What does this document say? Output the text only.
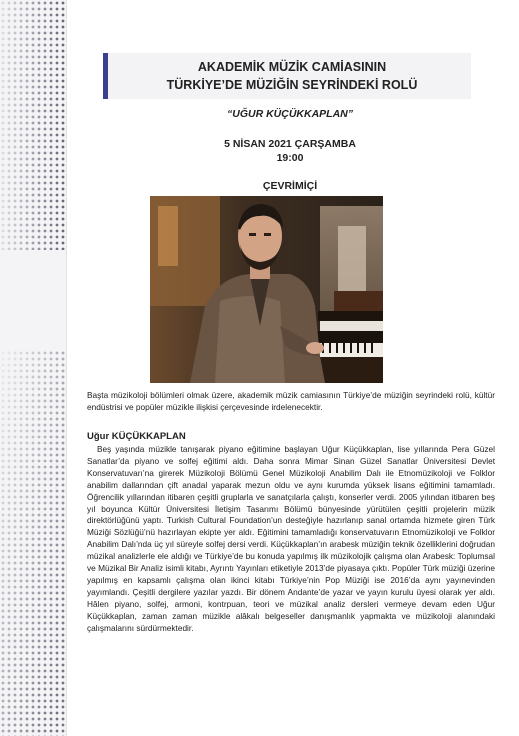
AKADEMİK MÜZİK CAMİASININ
TÜRKİYE’DE MÜZİĞİN SEYRİNDEKİ ROLÜ
“UĞUR KÜÇÜKKAPLAN”
5 NİSAN 2021 ÇARŞAMBA
19:00
ÇEVRİMİÇİ
Başta müzikoloji bölümleri olmak üzere, akademik müzik camiasının Türkiye’de müziğin seyrindeki rolü, kültür endüstrisi ve popüler müzikle ilişkisi çerçevesinde irdelenecektir.
Uğur KÜÇÜKKAPLAN
Beş yaşında müzikle tanışarak piyano eğitimine başlayan Uğur Küçükkaplan, lise yıllarında Pera Güzel Sanatlar’da piyano ve solfej eğitimi aldı. Daha sonra Mimar Sinan Güzel Sanatlar Üniversitesi Devlet Konservatuvarı’na girerek Müzikoloji Bölümü Genel Müzikoloji Anabilim Dalı ile Etnomüzikoloji ve Folklor anabilim dallarından çift anadal yaparak mezun oldu ve aynı kurumda yüksek lisans eğitimini tamamladı. Öğrencilik yıllarından itibaren çeşitli gruplarla ve sanatçılarla çalıştı, konserler verdi. 2005 yılından itibaren beş yıl boyunca Kültür Üniversitesi İletişim Tasarımı Bölümü bünyesinde yürütülen çeşitli projelerin müzik direktörlüğünü yaptı. Turkish Cultural Foundation’un desteğiyle hazırlanıp sanal ortamda hizmete giren Türk Müziği Sözlüğü’nü hazırlayan ekipte yer aldı. Eğitimini tamamladığı konservatuvarın Etnomüzikoloji ve Folklor Anabilim Dalı’nda üç yıl süreyle solfej dersi verdi. Küçükkaplan’ın arabesk müziğin teknik özelliklerini doğrudan müzikal analizlerle ele aldığı ve Türkiye’de bu konuda yapılmış ilk müzikolojik çalışma olan Arabesk: Toplumsal ve Müzikal Bir Analiz isimli kitabı, Ayrıntı Yayınları etiketiyle 2013’de piyasaya çıktı. Popüler Türk müziği üzerine yapılmış en kapsamlı çalışma olan ikinci kitabı Türkiye’nin Pop Müziği ise 2016’da aynı yayınevinden yayımlandı. Çeşitli dergilere yazılar yazdı. Bir dönem Andante’de yazar ve yayın kurulu üyesi olarak yer aldı. Hâlen piyano, solfej, armoni, kontrpuan, teori ve müzikal analiz dersleri vermeye devam eden Uğur Küçükkaplan, zaman zaman müzikle alâkalı belgeseller danışmanlık yapmakta ve müzikoloji alanındaki çalışmalarını sürdürmektedir.
